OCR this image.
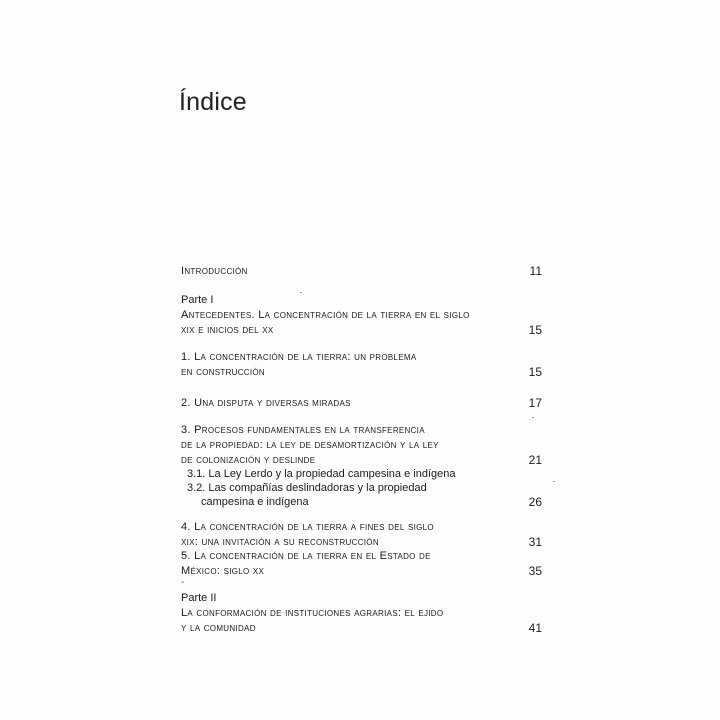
Índice
Introducción	11
Parte I
Antecedentes. La concentración de la tierra en el siglo
xix e inicios del xx	15
1. La concentración de la tierra: un problema
en construcción	15
2. Una disputa y diversas miradas	17
3. Procesos fundamentales en la transferencia
de la propiedad: la ley de desamortización y la ley
de colonización y deslinde	21
3.1. La Ley Lerdo y la propiedad campesina e indígena
3.2. Las compañías deslindadoras y la propiedad
campesina e indígena	26
4. La concentración de la tierra a fines del siglo
xix: una invitación a su reconstrucción	31
5. La concentración de la tierra en el Estado de
México: siglo xx	35
-
Parte II
La conformación de instituciones agrarias: el ejido
y la comunidad	41
